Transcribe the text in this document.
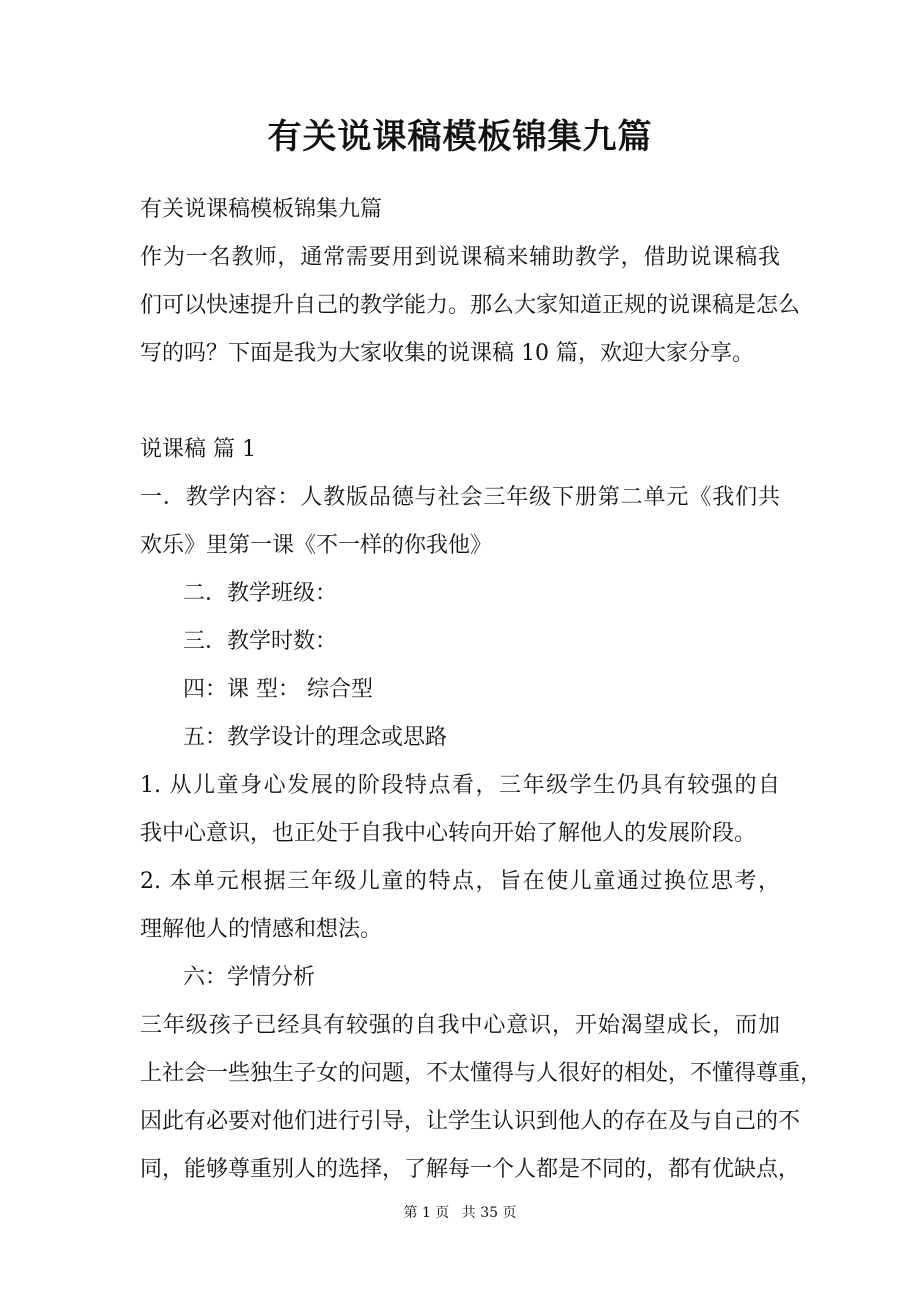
有关说课稿模板锦集九篇
有关说课稿模板锦集九篇
作为一名教师，通常需要用到说课稿来辅助教学，借助说课稿我
们可以快速提升自己的教学能力。那么大家知道正规的说课稿是怎么
写的吗？下面是我为大家收集的说课稿 10 篇，欢迎大家分享。
说课稿 篇 1
一．教学内容：人教版品德与社会三年级下册第二单元《我们共
欢乐》里第一课《不一样的你我他》
二．教学班级：
三．教学时数：
四：课 型： 综合型
五：教学设计的理念或思路
1. 从儿童身心发展的阶段特点看，三年级学生仍具有较强的自
我中心意识，也正处于自我中心转向开始了解他人的发展阶段。
2. 本单元根据三年级儿童的特点，旨在使儿童通过换位思考，
理解他人的情感和想法。
六：学情分析
三年级孩子已经具有较强的自我中心意识，开始渴望成长，而加
上社会一些独生子女的问题，不太懂得与人很好的相处，不懂得尊重，
因此有必要对他们进行引导，让学生认识到他人的存在及与自己的不
同，能够尊重别人的选择，了解每一个人都是不同的，都有优缺点，
第 1 页 共 35 页
